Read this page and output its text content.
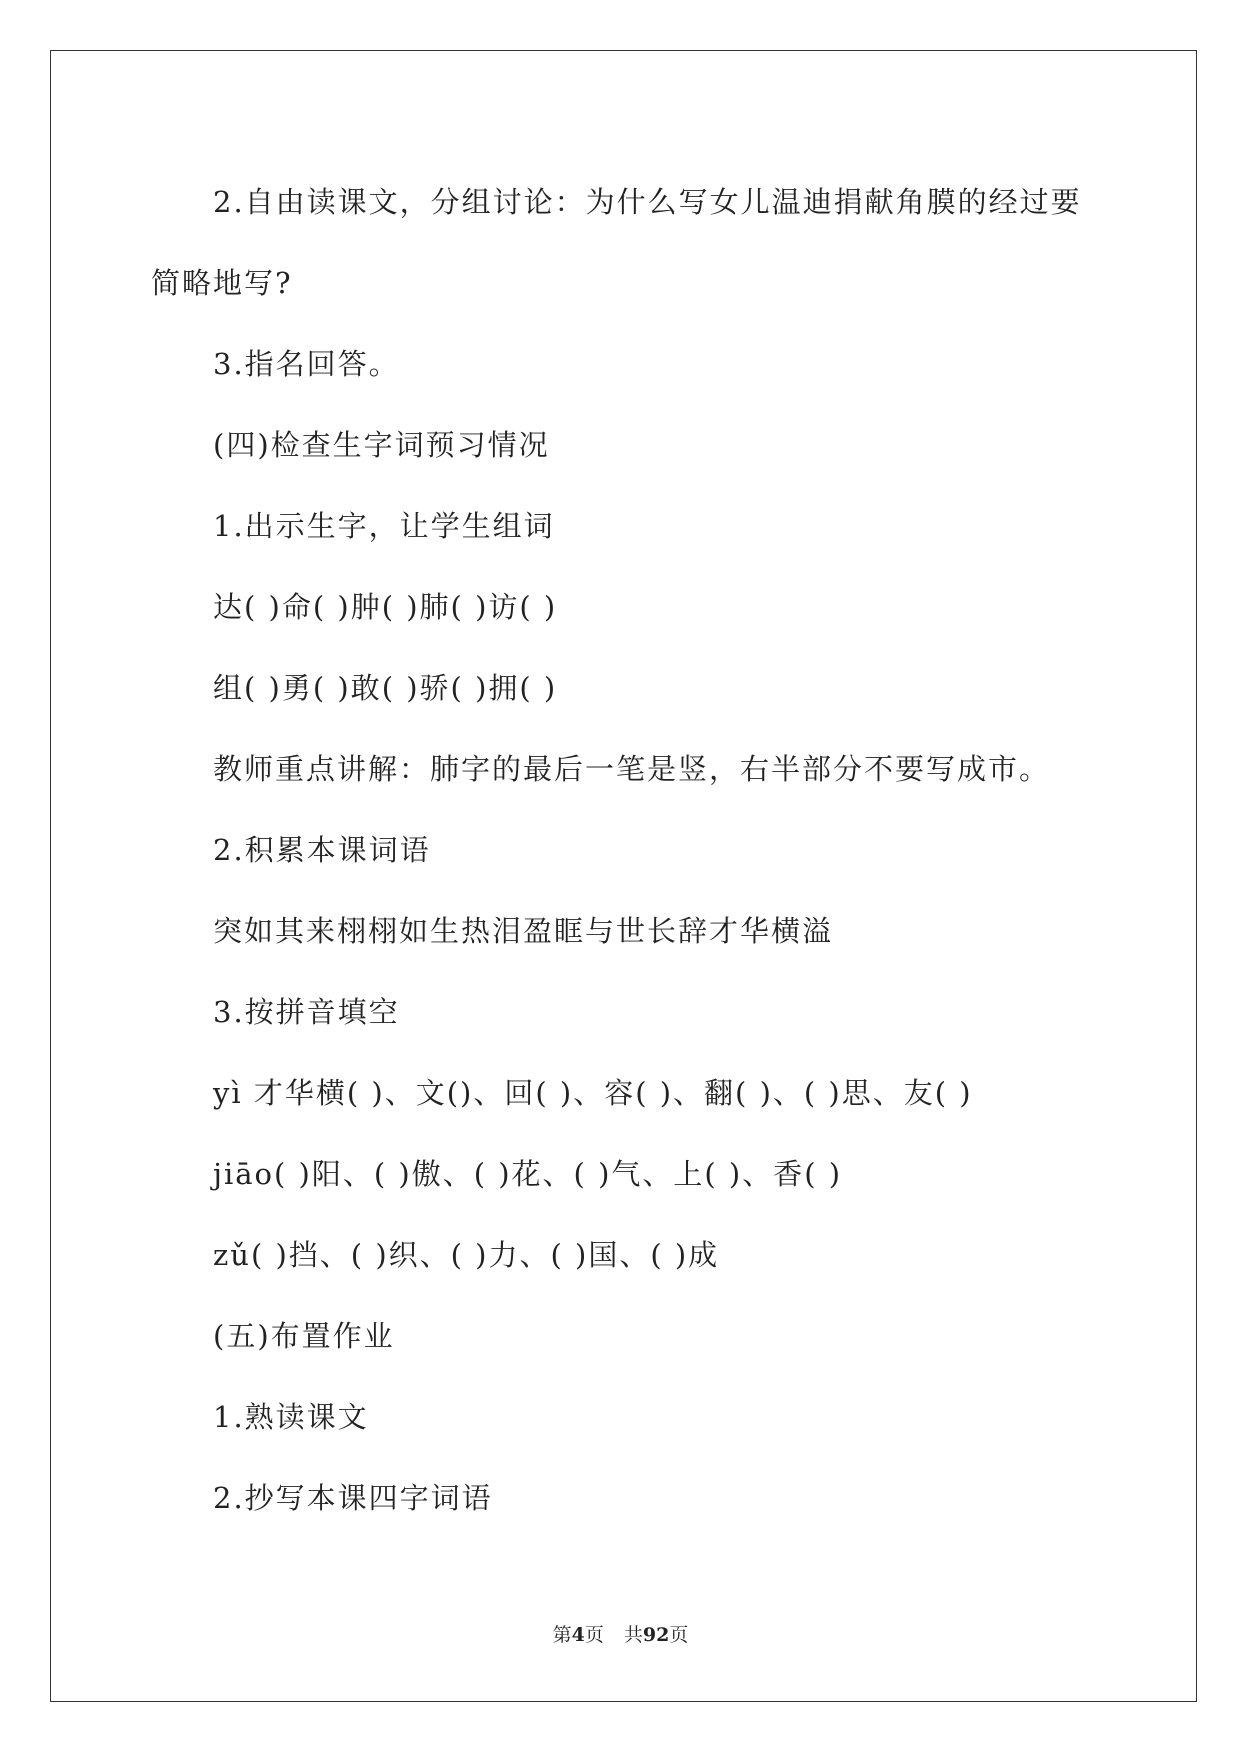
2.自由读课文，分组讨论：为什么写女儿温迪捐献角膜的经过要
简略地写?
3.指名回答。
(四)检查生字词预习情况
1.出示生字，让学生组词
达( )命( )肿( )肺( )访( )
组( )勇( )敢( )骄( )拥( )
教师重点讲解：肺字的最后一笔是竖，右半部分不要写成市。
2.积累本课词语
突如其来栩栩如生热泪盈眶与世长辞才华横溢
3.按拼音填空
yì 才华横( )、文()、回( )、容( )、翻( )、( )思、友( )
jiāo( )阳、( )傲、( )花、( )气、上( )、香( )
zǔ( )挡、( )织、( )力、( )国、( )成
(五)布置作业
1.熟读课文
2.抄写本课四字词语
第4页 共92页
